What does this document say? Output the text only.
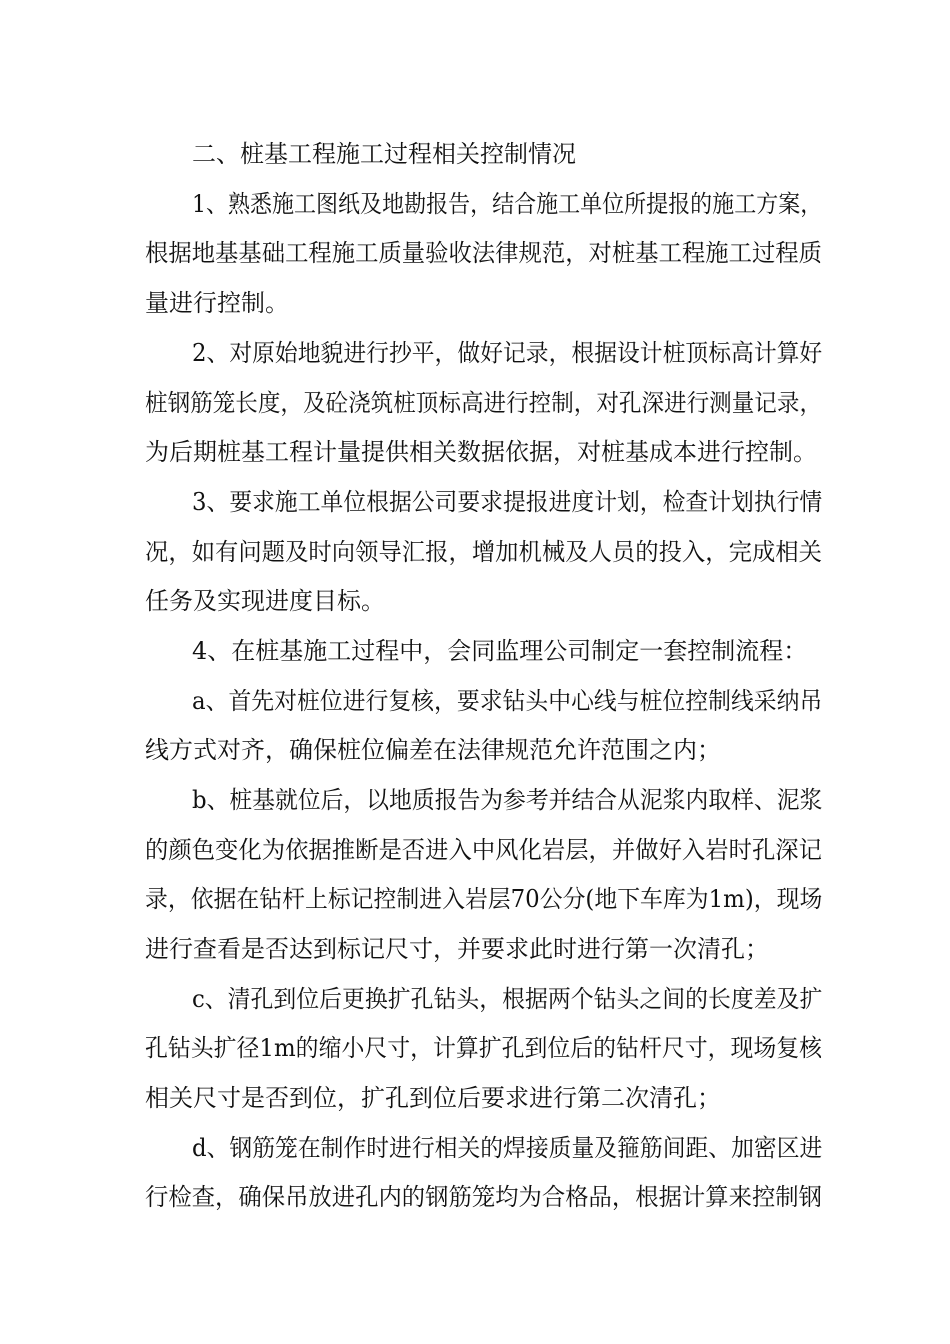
二、桩基工程施工过程相关控制情况

1、熟悉施工图纸及地勘报告，结合施工单位所提报的施工方案，

根据地基基础工程施工质量验收法律规范，对桩基工程施工过程质

量进行控制。

2、对原始地貌进行抄平，做好记录，根据设计桩顶标高计算好

桩钢筋笼长度，及砼浇筑桩顶标高进行控制，对孔深进行测量记录，

为后期桩基工程计量提供相关数据依据，对桩基成本进行控制。

3、要求施工单位根据公司要求提报进度计划，检查计划执行情

况，如有问题及时向领导汇报，增加机械及人员的投入，完成相关

任务及实现进度目标。

4、在桩基施工过程中，会同监理公司制定一套控制流程：

a、首先对桩位进行复核，要求钻头中心线与桩位控制线采纳吊

线方式对齐，确保桩位偏差在法律规范允许范围之内；

b、桩基就位后，以地质报告为参考并结合从泥浆内取样、泥浆

的颜色变化为依据推断是否进入中风化岩层，并做好入岩时孔深记

录，依据在钻杆上标记控制进入岩层70公分(地下车库为1m)，现场

进行查看是否达到标记尺寸，并要求此时进行第一次清孔；

c、清孔到位后更换扩孔钻头，根据两个钻头之间的长度差及扩

孔钻头扩径1m的缩小尺寸，计算扩孔到位后的钻杆尺寸，现场复核

相关尺寸是否到位，扩孔到位后要求进行第二次清孔；

d、钢筋笼在制作时进行相关的焊接质量及箍筋间距、加密区进

行检查，确保吊放进孔内的钢筋笼均为合格品，根据计算来控制钢
